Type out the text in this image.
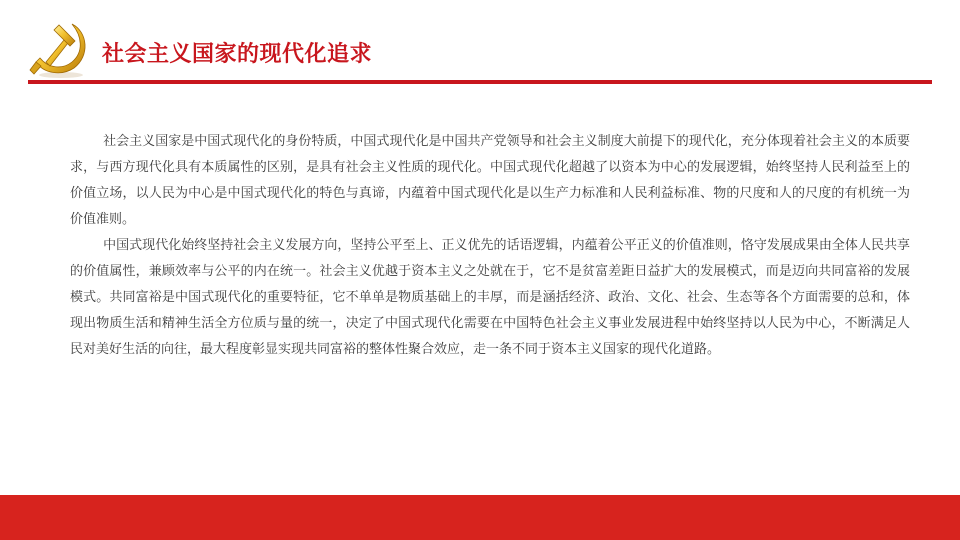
社会主义国家的现代化追求

社会主义国家是中国式现代化的身份特质，中国式现代化是中国共产党领导和社会主义制度大前提下的现代化，充分体现着社会主义的本质要求，与西方现代化具有本质属性的区别，是具有社会主义性质的现代化。中国式现代化超越了以资本为中心的发展逻辑，始终坚持人民利益至上的价值立场，以人民为中心是中国式现代化的特色与真谛，内蕴着中国式现代化是以生产力标准和人民利益标准、物的尺度和人的尺度的有机统一为价值准则。

中国式现代化始终坚持社会主义发展方向，坚持公平至上、正义优先的话语逻辑，内蕴着公平正义的价值准则，恪守发展成果由全体人民共享的价值属性，兼顾效率与公平的内在统一。社会主义优越于资本主义之处就在于，它不是贫富差距日益扩大的发展模式，而是迈向共同富裕的发展模式。共同富裕是中国式现代化的重要特征，它不单单是物质基础上的丰厚，而是涵括经济、政治、文化、社会、生态等各个方面需要的总和，体现出物质生活和精神生活全方位质与量的统一，决定了中国式现代化需要在中国特色社会主义事业发展进程中始终坚持以人民为中心，不断满足人民对美好生活的向往，最大程度彰显实现共同富裕的整体性聚合效应，走一条不同于资本主义国家的现代化道路。
